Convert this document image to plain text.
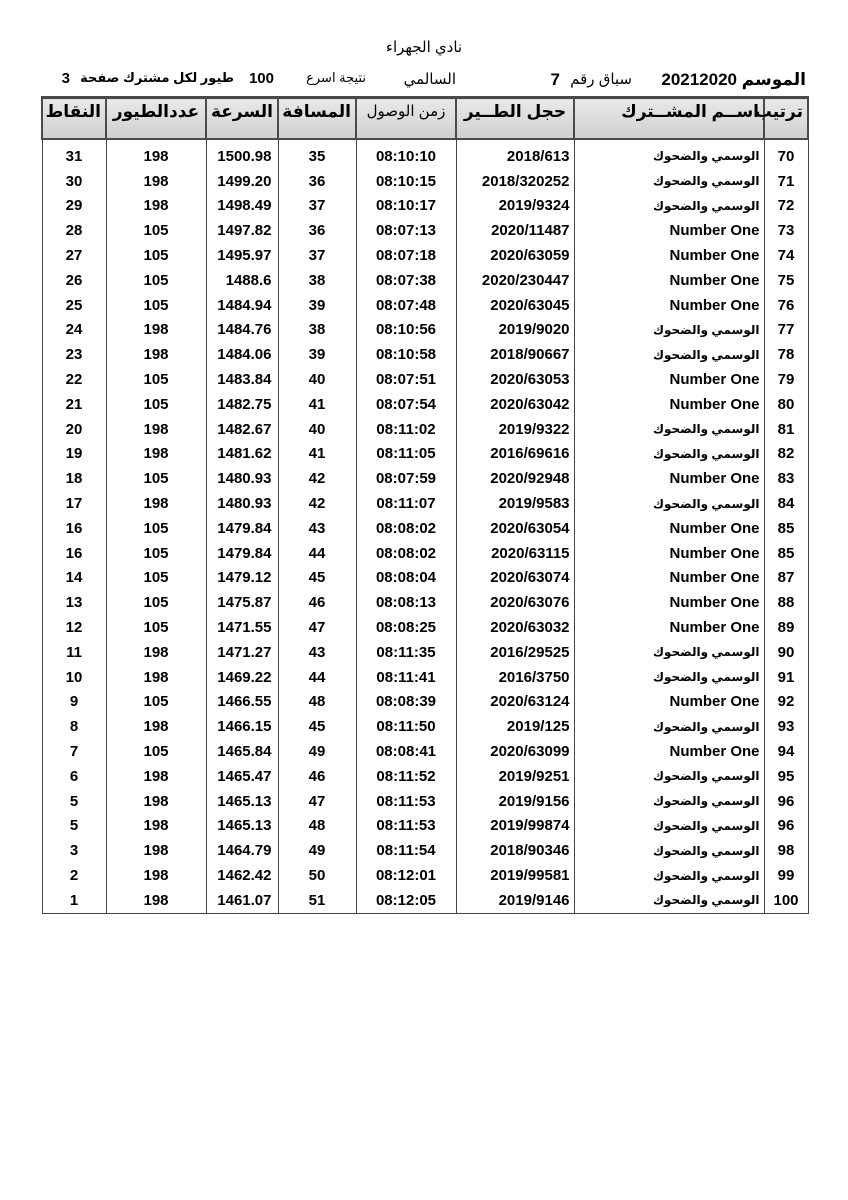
نادي الجهراء
الموسم
20212020
سباق رقم
7
السالمي
نتيجة اسرع
100
طيور لكل مشترك صفحة
3
النقاط	عددالطيور	السرعة	المسافة	زمن الوصول	حجل الطــير	اســم المشــترك	ترتيب

31	198	1500.98	35	08:10:10	2018/613	الوسمي والضحوك	70
30	198	1499.20	36	08:10:15	2018/320252	الوسمي والضحوك	71
29	198	1498.49	37	08:10:17	2019/9324	الوسمي والضحوك	72
28	105	1497.82	36	08:07:13	2020/11487	Number One	73
27	105	1495.97	37	08:07:18	2020/63059	Number One	74
26	105	1488.6	38	08:07:38	2020/230447	Number One	75
25	105	1484.94	39	08:07:48	2020/63045	Number One	76
24	198	1484.76	38	08:10:56	2019/9020	الوسمي والضحوك	77
23	198	1484.06	39	08:10:58	2018/90667	الوسمي والضحوك	78
22	105	1483.84	40	08:07:51	2020/63053	Number One	79
21	105	1482.75	41	08:07:54	2020/63042	Number One	80
20	198	1482.67	40	08:11:02	2019/9322	الوسمي والضحوك	81
19	198	1481.62	41	08:11:05	2016/69616	الوسمي والضحوك	82
18	105	1480.93	42	08:07:59	2020/92948	Number One	83
17	198	1480.93	42	08:11:07	2019/9583	الوسمي والضحوك	84
16	105	1479.84	43	08:08:02	2020/63054	Number One	85
16	105	1479.84	44	08:08:02	2020/63115	Number One	85
14	105	1479.12	45	08:08:04	2020/63074	Number One	87
13	105	1475.87	46	08:08:13	2020/63076	Number One	88
12	105	1471.55	47	08:08:25	2020/63032	Number One	89
11	198	1471.27	43	08:11:35	2016/29525	الوسمي والضحوك	90
10	198	1469.22	44	08:11:41	2016/3750	الوسمي والضحوك	91
9	105	1466.55	48	08:08:39	2020/63124	Number One	92
8	198	1466.15	45	08:11:50	2019/125	الوسمي والضحوك	93
7	105	1465.84	49	08:08:41	2020/63099	Number One	94
6	198	1465.47	46	08:11:52	2019/9251	الوسمي والضحوك	95
5	198	1465.13	47	08:11:53	2019/9156	الوسمي والضحوك	96
5	198	1465.13	48	08:11:53	2019/99874	الوسمي والضحوك	96
3	198	1464.79	49	08:11:54	2018/90346	الوسمي والضحوك	98
2	198	1462.42	50	08:12:01	2019/99581	الوسمي والضحوك	99
1	198	1461.07	51	08:12:05	2019/9146	الوسمي والضحوك	100
